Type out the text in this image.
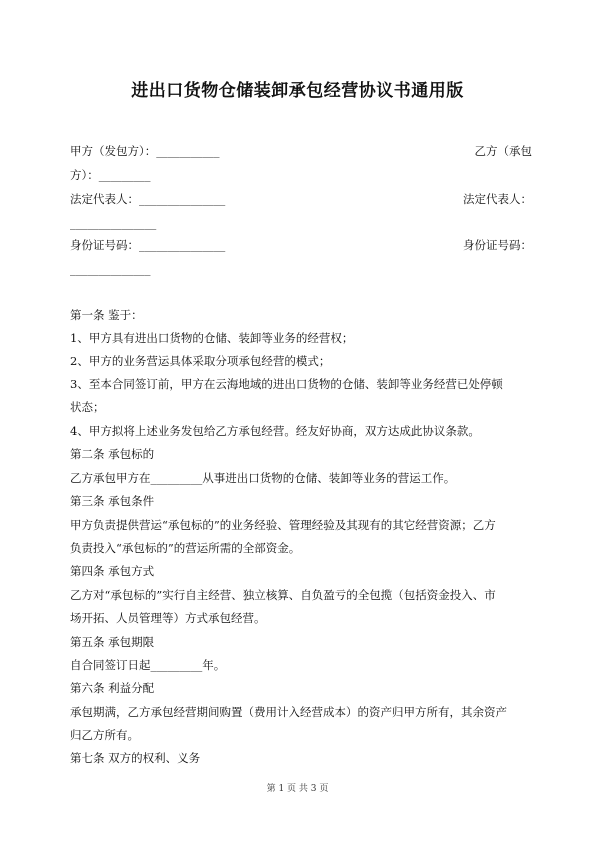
进出口货物仓储装卸承包经营协议书通用版
甲方（发包方）：___________	乙方（承包
方）：_________
法定代表人：_______________	法定代表人：
_______________
身份证号码：_______________	身份证号码：
______________
第一条 鉴于：
1、甲方具有进出口货物的仓储、装卸等业务的经营权；
2、甲方的业务营运具体采取分项承包经营的模式；
3、至本合同签订前，甲方在云海地域的进出口货物的仓储、装卸等业务经营已处停顿
状态；
4、甲方拟将上述业务发包给乙方承包经营。经友好协商，双方达成此协议条款。
第二条 承包标的
乙方承包甲方在_________从事进出口货物的仓储、装卸等业务的营运工作。
第三条 承包条件
甲方负责提供营运“承包标的”的业务经验、管理经验及其现有的其它经营资源；乙方
负责投入“承包标的”的营运所需的全部资金。
第四条 承包方式
乙方对“承包标的”实行自主经营、独立核算、自负盈亏的全包揽（包括资金投入、市
场开拓、人员管理等）方式承包经营。
第五条 承包期限
自合同签订日起_________年。
第六条 利益分配
承包期满，乙方承包经营期间购置（费用计入经营成本）的资产归甲方所有，其余资产
归乙方所有。
第七条 双方的权利、义务
第 1 页 共 3 页
